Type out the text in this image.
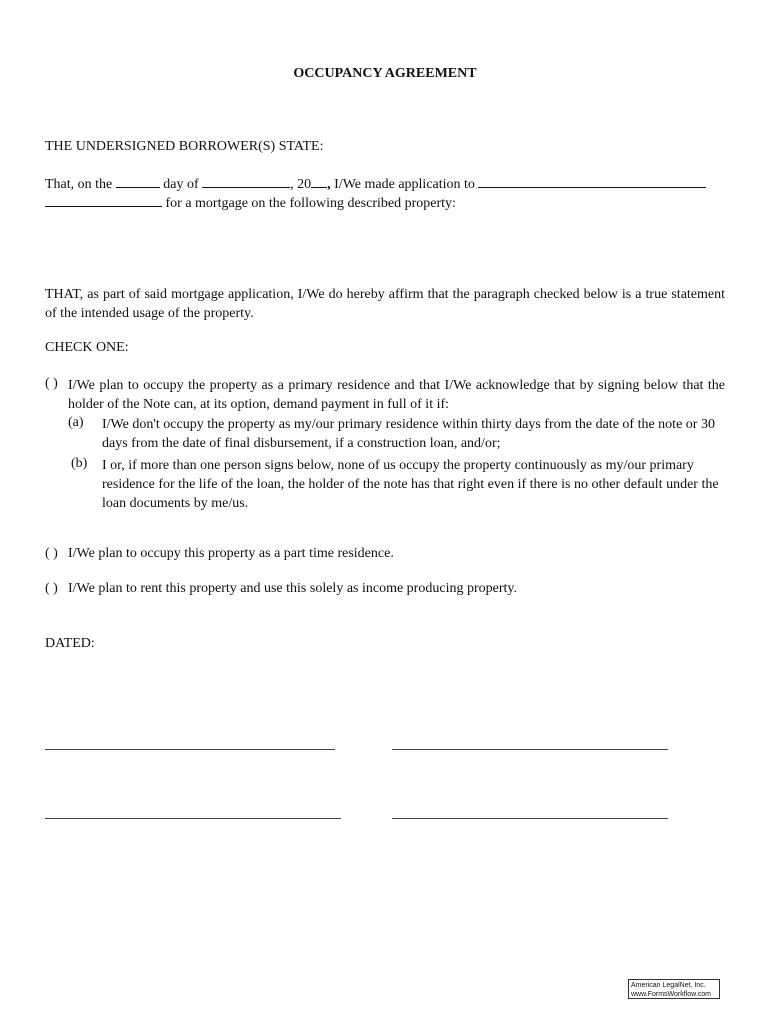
OCCUPANCY AGREEMENT
THE UNDERSIGNED BORROWER(S) STATE:
That, on the	day of	, 20 , I/We made application to
for a mortgage on the following described property:
THAT, as part of said mortgage application, I/We do hereby affirm that the paragraph checked below is a true statement of the intended usage of the property.
CHECK ONE:
( ) I/We plan to occupy the property as a primary residence and that I/We acknowledge that by signing below that the holder of the Note can, at its option, demand payment in full of it if:
(a) I/We don't occupy the property as my/our primary residence within thirty days from the date of the note or 30 days from the date of final disbursement, if a construction loan, and/or;
(b) I or, if more than one person signs below, none of us occupy the property continuously as my/our primary residence for the life of the loan, the holder of the note has that right even if there is no other default under the loan documents by me/us.
( ) I/We plan to occupy this property as a part time residence.
( ) I/We plan to rent this property and use this solely as income producing property.
DATED:
American LegalNet, Inc.
www.FormsWorkflow.com
